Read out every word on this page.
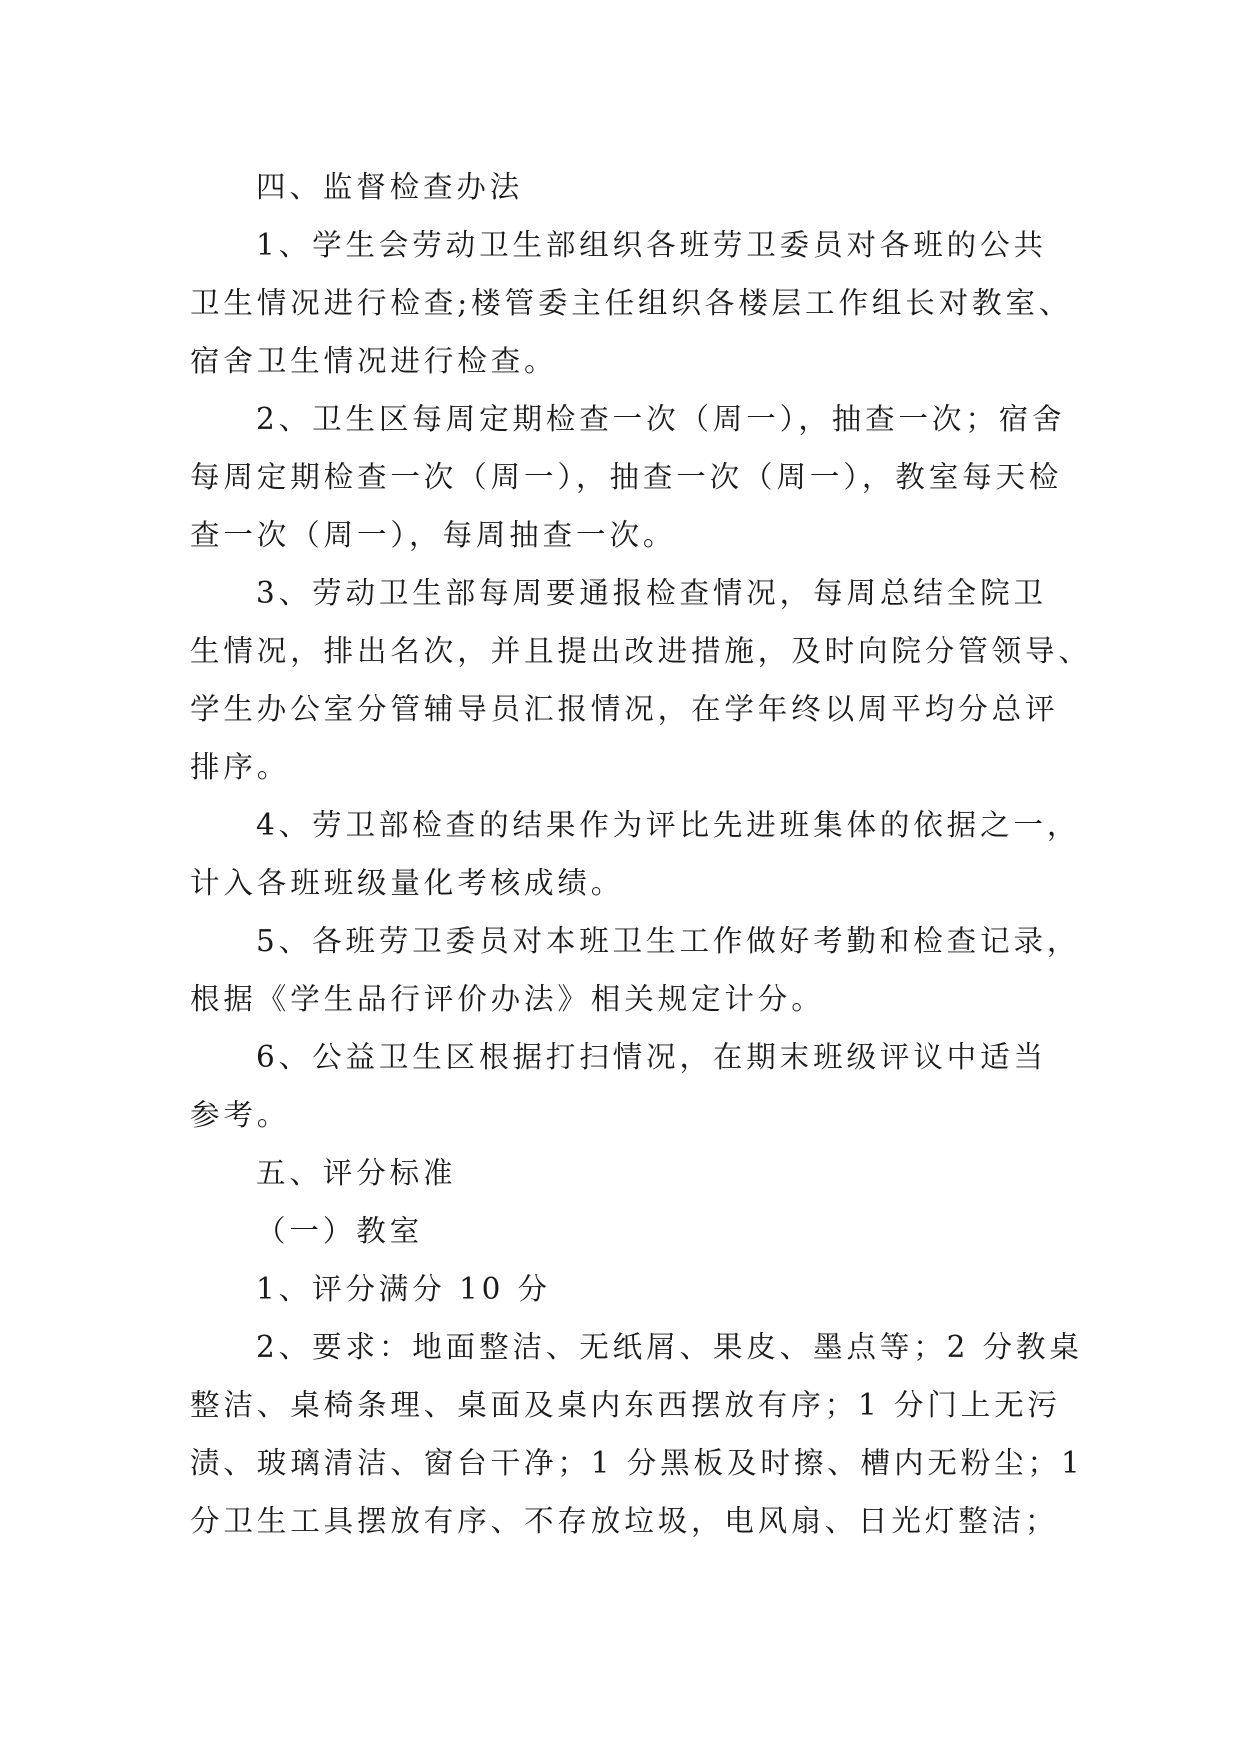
四、监督检查办法

1、学生会劳动卫生部组织各班劳卫委员对各班的公共
卫生情况进行检查;楼管委主任组织各楼层工作组长对教室、
宿舍卫生情况进行检查。

2、卫生区每周定期检查一次（周一），抽查一次；宿舍
每周定期检查一次（周一），抽查一次（周一），教室每天检
查一次（周一），每周抽查一次。

3、劳动卫生部每周要通报检查情况，每周总结全院卫
生情况，排出名次，并且提出改进措施，及时向院分管领导、
学生办公室分管辅导员汇报情况，在学年终以周平均分总评
排序。

4、劳卫部检查的结果作为评比先进班集体的依据之一，
计入各班班级量化考核成绩。

5、各班劳卫委员对本班卫生工作做好考勤和检查记录，
根据《学生品行评价办法》相关规定计分。

6、公益卫生区根据打扫情况，在期末班级评议中适当
参考。

五、评分标准

（一）教室

1、评分满分 10 分

2、要求：地面整洁、无纸屑、果皮、墨点等；2 分教桌
整洁、桌椅条理、桌面及桌内东西摆放有序；1 分门上无污
渍、玻璃清洁、窗台干净；1 分黑板及时擦、槽内无粉尘；1
分卫生工具摆放有序、不存放垃圾，电风扇、日光灯整洁；
